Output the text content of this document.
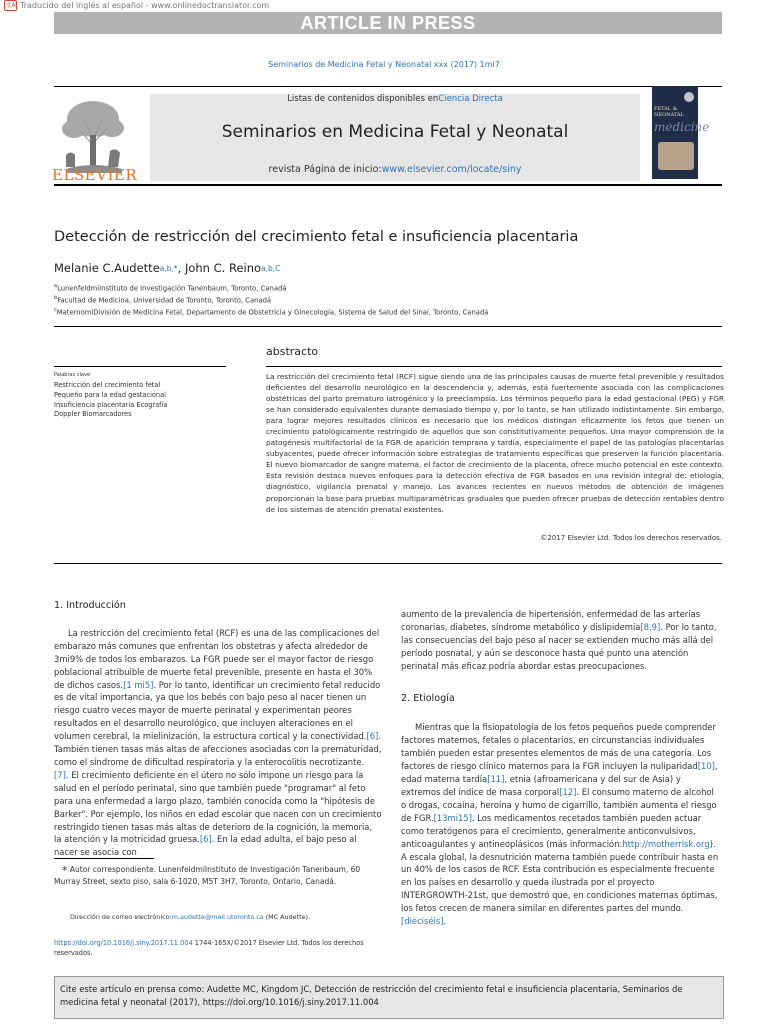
文A Traducido del inglés al español - www.onlinedoctranslator.com
ARTICLE IN PRESS
Seminarios de Medicina Fetal y Neonatal xxx (2017) 1mi7
ELSEVIER
Listas de contenidos disponibles enCiencia Directa
Seminarios en Medicina Fetal y Neonatal
revista Página de inicio:www.elsevier.com/locate/siny
FETAL & NEONATAL
medicine
Detección de restricción del crecimiento fetal e insuficiencia placentaria
Melanie C.Audette$^{a,b,*}$, John C. Reino$^{a,b,C}$
$^a$LunenfeldmiInstituto de Investigación Tanenbaum, Toronto, Canadá
$^b$Facultad de Medicina, Universidad de Toronto, Toronto, Canadá
$^c$MaternomiDivisión de Medicina Fetal, Departamento de Obstetricia y Ginecología, Sistema de Salud del Sinaí, Toronto, Canadá
Palabras clave
Restricción del crecimiento fetal Pequeño para la edad gestacional Insuficiencia placentaria Ecografía Doppler Biomarcadores
abstracto
La restricción del crecimiento fetal (RCF) sigue siendo una de las principales causas de muerte fetal prevenible y resultados deficientes del desarrollo neurológico en la descendencia y, además, está fuertemente asociada con las complicaciones obstétricas del parto prematuro iatrogénico y la preeclampsia. Los términos pequeño para la edad gestacional (PEG) y FGR se han considerado equivalentes durante demasiado tiempo y, por lo tanto, se han utilizado indistintamente. Sin embargo, para lograr mejores resultados clínicos es necesario que los médicos distingan eficazmente los fetos que tienen un crecimiento patológicamente restringido de aquellos que son constitutivamente pequeños. Una mayor comprensión de la patogénesis multifactorial de la FGR de aparición temprana y tardía, especialmente el papel de las patologías placentarias subyacentes, puede ofrecer información sobre estrategias de tratamiento específicas que preserven la función placentaria. El nuevo biomarcador de sangre materna, el factor de crecimiento de la placenta, ofrece mucho potencial en este contexto. Esta revisión destaca nuevos enfoques para la detección efectiva de FGR basados en una revisión integral de: etiología, diagnóstico, vigilancia prenatal y manejo. Los avances recientes en nuevos métodos de obtención de imágenes proporcionan la base para pruebas multiparamétricas graduales que pueden ofrecer pruebas de detección rentables dentro de los sistemas de atención prenatal existentes.
©2017 Elsevier Ltd. Todos los derechos reservados.

1. Introducción

La restricción del crecimiento fetal (RCF) es una de las complicaciones del embarazo más comunes que enfrentan los obstetras y afecta alrededor de 3mi9% de todos los embarazos. La FGR puede ser el mayor factor de riesgo poblacional atribuible de muerte fetal prevenible, presente en hasta el 30% de dichos casos.[1 mi5]. Por lo tanto, identificar un crecimiento fetal reducido es de vital importancia, ya que los bebés con bajo peso al nacer tienen un riesgo cuatro veces mayor de muerte perinatal y experimentan peores resultados en el desarrollo neurológico, que incluyen alteraciones en el volumen cerebral, la mielinización, la estructura cortical y la conectividad.[6]. También tienen tasas más altas de afecciones asociadas con la prematuridad, como el síndrome de dificultad respiratoria y la enterocolitis necrotizante.

[7]. El crecimiento deficiente en el útero no sólo impone un riesgo para la salud en el período perinatal, sino que también puede "programar" al feto para una enfermedad a largo plazo, también conocida como la "hipótesis de Barker". Por ejemplo, los niños en edad escolar que nacen con un crecimiento restringido tienen tasas más altas de deterioro de la cognición, la memoria, la atención y la motricidad gruesa.[6]. En la edad adulta, el bajo peso al nacer se asocia con

aumento de la prevalencia de hipertensión, enfermedad de las arterias coronarias, diabetes, síndrome metabólico y dislipidemia[8,9]. Por lo tanto, las consecuencias del bajo peso al nacer se extienden mucho más allá del período posnatal, y aún se desconoce hasta qué punto una atención perinatal más eficaz podría abordar estas preocupaciones.

2. Etiología

Mientras que la fisiopatología de los fetos pequeños puede comprender factores maternos, fetales o placentarios, en circunstancias individuales también pueden estar presentes elementos de más de una categoría. Los factores de riesgo clínico maternos para la FGR incluyen la nuliparidad[10], edad materna tardía[11], etnia (afroamericana y del sur de Asia) y extremos del índice de masa corporal[12]. El consumo materno de alcohol o drogas, cocaína, heroína y humo de cigarrillo, también aumenta el riesgo de FGR.[13mi15]. Los medicamentos recetados también pueden actuar como teratógenos para el crecimiento, generalmente anticonvulsivos, anticoagulantes y antineoplásicos (más información:http://motherrisk.org). A escala global, la desnutrición materna también puede contribuir hasta en un 40% de los casos de RCF. Esta contribución es especialmente frecuente en los países en desarrollo y queda ilustrada por el proyecto INTERGROWTH-21st, que demostró que, en condiciones maternas óptimas, los fetos crecen de manera similar en diferentes partes del mundo.[dieciséis].

* Autor correspondiente. LunenfeldmiInstituto de Investigación Tanenbaum, 60 Murray Street, sexto piso, sala 6-1020, M5T 3H7, Toronto, Ontario, Canadá.
Dirección de correo electrónico:m.audette@mail.utoronto.ca (MC Audette).
https://doi.org/10.1016/j.siny.2017.11.004 1744-165X/©2017 Elsevier Ltd. Todos los derechos reservados.
Cite este artículo en prensa como: Audette MC, Kingdom JC, Detección de restricción del crecimiento fetal e insuficiencia placentaria, Seminarios de medicina fetal y neonatal (2017), https://doi.org/10.1016/j.siny.2017.11.004
